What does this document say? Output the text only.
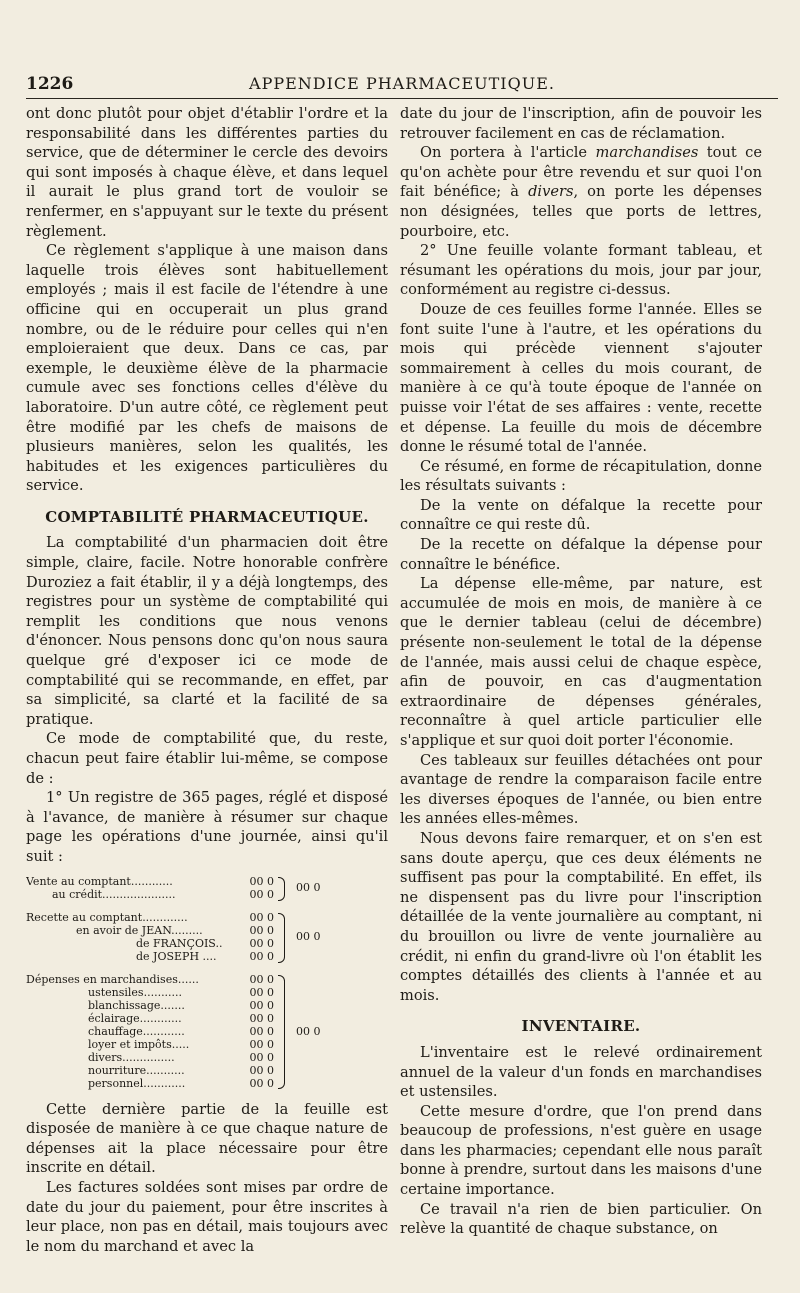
1226	APPENDICE PHARMACEUTIQUE.

ont donc plutôt pour objet d'établir l'ordre et la responsabilité dans les différentes parties du service, que de déterminer le cercle des devoirs qui sont imposés à chaque élève, et dans lequel il aurait le plus grand tort de vouloir se renfermer, en s'appuyant sur le texte du présent règlement.

Ce règlement s'applique à une maison dans laquelle trois élèves sont habituellement employés ; mais il est facile de l'étendre à une officine qui en occuperait un plus grand nombre, ou de le réduire pour celles qui n'en emploieraient que deux. Dans ce cas, par exemple, le deuxième élève de la pharmacie cumule avec ses fonctions celles d'élève du laboratoire. D'un autre côté, ce règlement peut être modifié par les chefs de maisons de plusieurs manières, selon les qualités, les habitudes et les exigences particulières du service.

COMPTABILITÉ PHARMACEUTIQUE.

La comptabilité d'un pharmacien doit être simple, claire, facile. Notre honorable confrère Duroziez a fait établir, il y a déjà longtemps, des registres pour un système de comptabilité qui remplit les conditions que nous venons d'énoncer. Nous pensons donc qu'on nous saura quelque gré d'exposer ici ce mode de comptabilité qui se recommande, en effet, par sa simplicité, sa clarté et la facilité de sa pratique.

Ce mode de comptabilité que, du reste, chacun peut faire établir lui-même, se compose de :

1° Un registre de 365 pages, réglé et disposé à l'avance, de manière à résumer sur chaque page les opérations d'une journée, ainsi qu'il suit :

Vente au comptant............	00 0
au crédit.....................	00 0
00 0
Recette au comptant.............	00 0
en avoir de JEAN.........	00 0
de FRANÇOIS..	00 0
de JOSEPH ....	00 0
00 0
Dépenses en marchandises......	00 0
ustensiles...........	00 0
blanchissage.......	00 0
éclairage............	00 0
chauffage............	00 0
loyer et impôts.....	00 0
divers...............	00 0
nourriture...........	00 0
personnel............	00 0
00 0

Cette dernière partie de la feuille est disposée de manière à ce que chaque nature de dépenses ait la place nécessaire pour être inscrite en détail.

Les factures soldées sont mises par ordre de date du jour du paiement, pour être inscrites à leur place, non pas en détail, mais toujours avec le nom du marchand et avec la

date du jour de l'inscription, afin de pouvoir les retrouver facilement en cas de réclamation.

On portera à l'article marchandises tout ce qu'on achète pour être revendu et sur quoi l'on fait bénéfice; à divers, on porte les dépenses non désignées, telles que ports de lettres, pourboire, etc.

2° Une feuille volante formant tableau, et résumant les opérations du mois, jour par jour, conformément au registre ci-dessus.

Douze de ces feuilles forme l'année. Elles se font suite l'une à l'autre, et les opérations du mois qui précède viennent s'ajouter sommairement à celles du mois courant, de manière à ce qu'à toute époque de l'année on puisse voir l'état de ses affaires : vente, recette et dépense. La feuille du mois de décembre donne le résumé total de l'année.

Ce résumé, en forme de récapitulation, donne les résultats suivants :

De la vente on défalque la recette pour connaître ce qui reste dû.

De la recette on défalque la dépense pour connaître le bénéfice.

La dépense elle-même, par nature, est accumulée de mois en mois, de manière à ce que le dernier tableau (celui de décembre) présente non-seulement le total de la dépense de l'année, mais aussi celui de chaque espèce, afin de pouvoir, en cas d'augmentation extraordinaire de dépenses générales, reconnaître à quel article particulier elle s'applique et sur quoi doit porter l'économie.

Ces tableaux sur feuilles détachées ont pour avantage de rendre la comparaison facile entre les diverses époques de l'année, ou bien entre les années elles-mêmes.

Nous devons faire remarquer, et on s'en est sans doute aperçu, que ces deux éléments ne suffisent pas pour la comptabilité. En effet, ils ne dispensent pas du livre pour l'inscription détaillée de la vente journalière au comptant, ni du brouillon ou livre de vente journalière au crédit, ni enfin du grand-livre où l'on établit les comptes détaillés des clients à l'année et au mois.

INVENTAIRE.

L'inventaire est le relevé ordinairement annuel de la valeur d'un fonds en marchandises et ustensiles.

Cette mesure d'ordre, que l'on prend dans beaucoup de professions, n'est guère en usage dans les pharmacies; cependant elle nous paraît bonne à prendre, surtout dans les maisons d'une certaine importance.

Ce travail n'a rien de bien particulier. On relève la quantité de chaque substance, on
